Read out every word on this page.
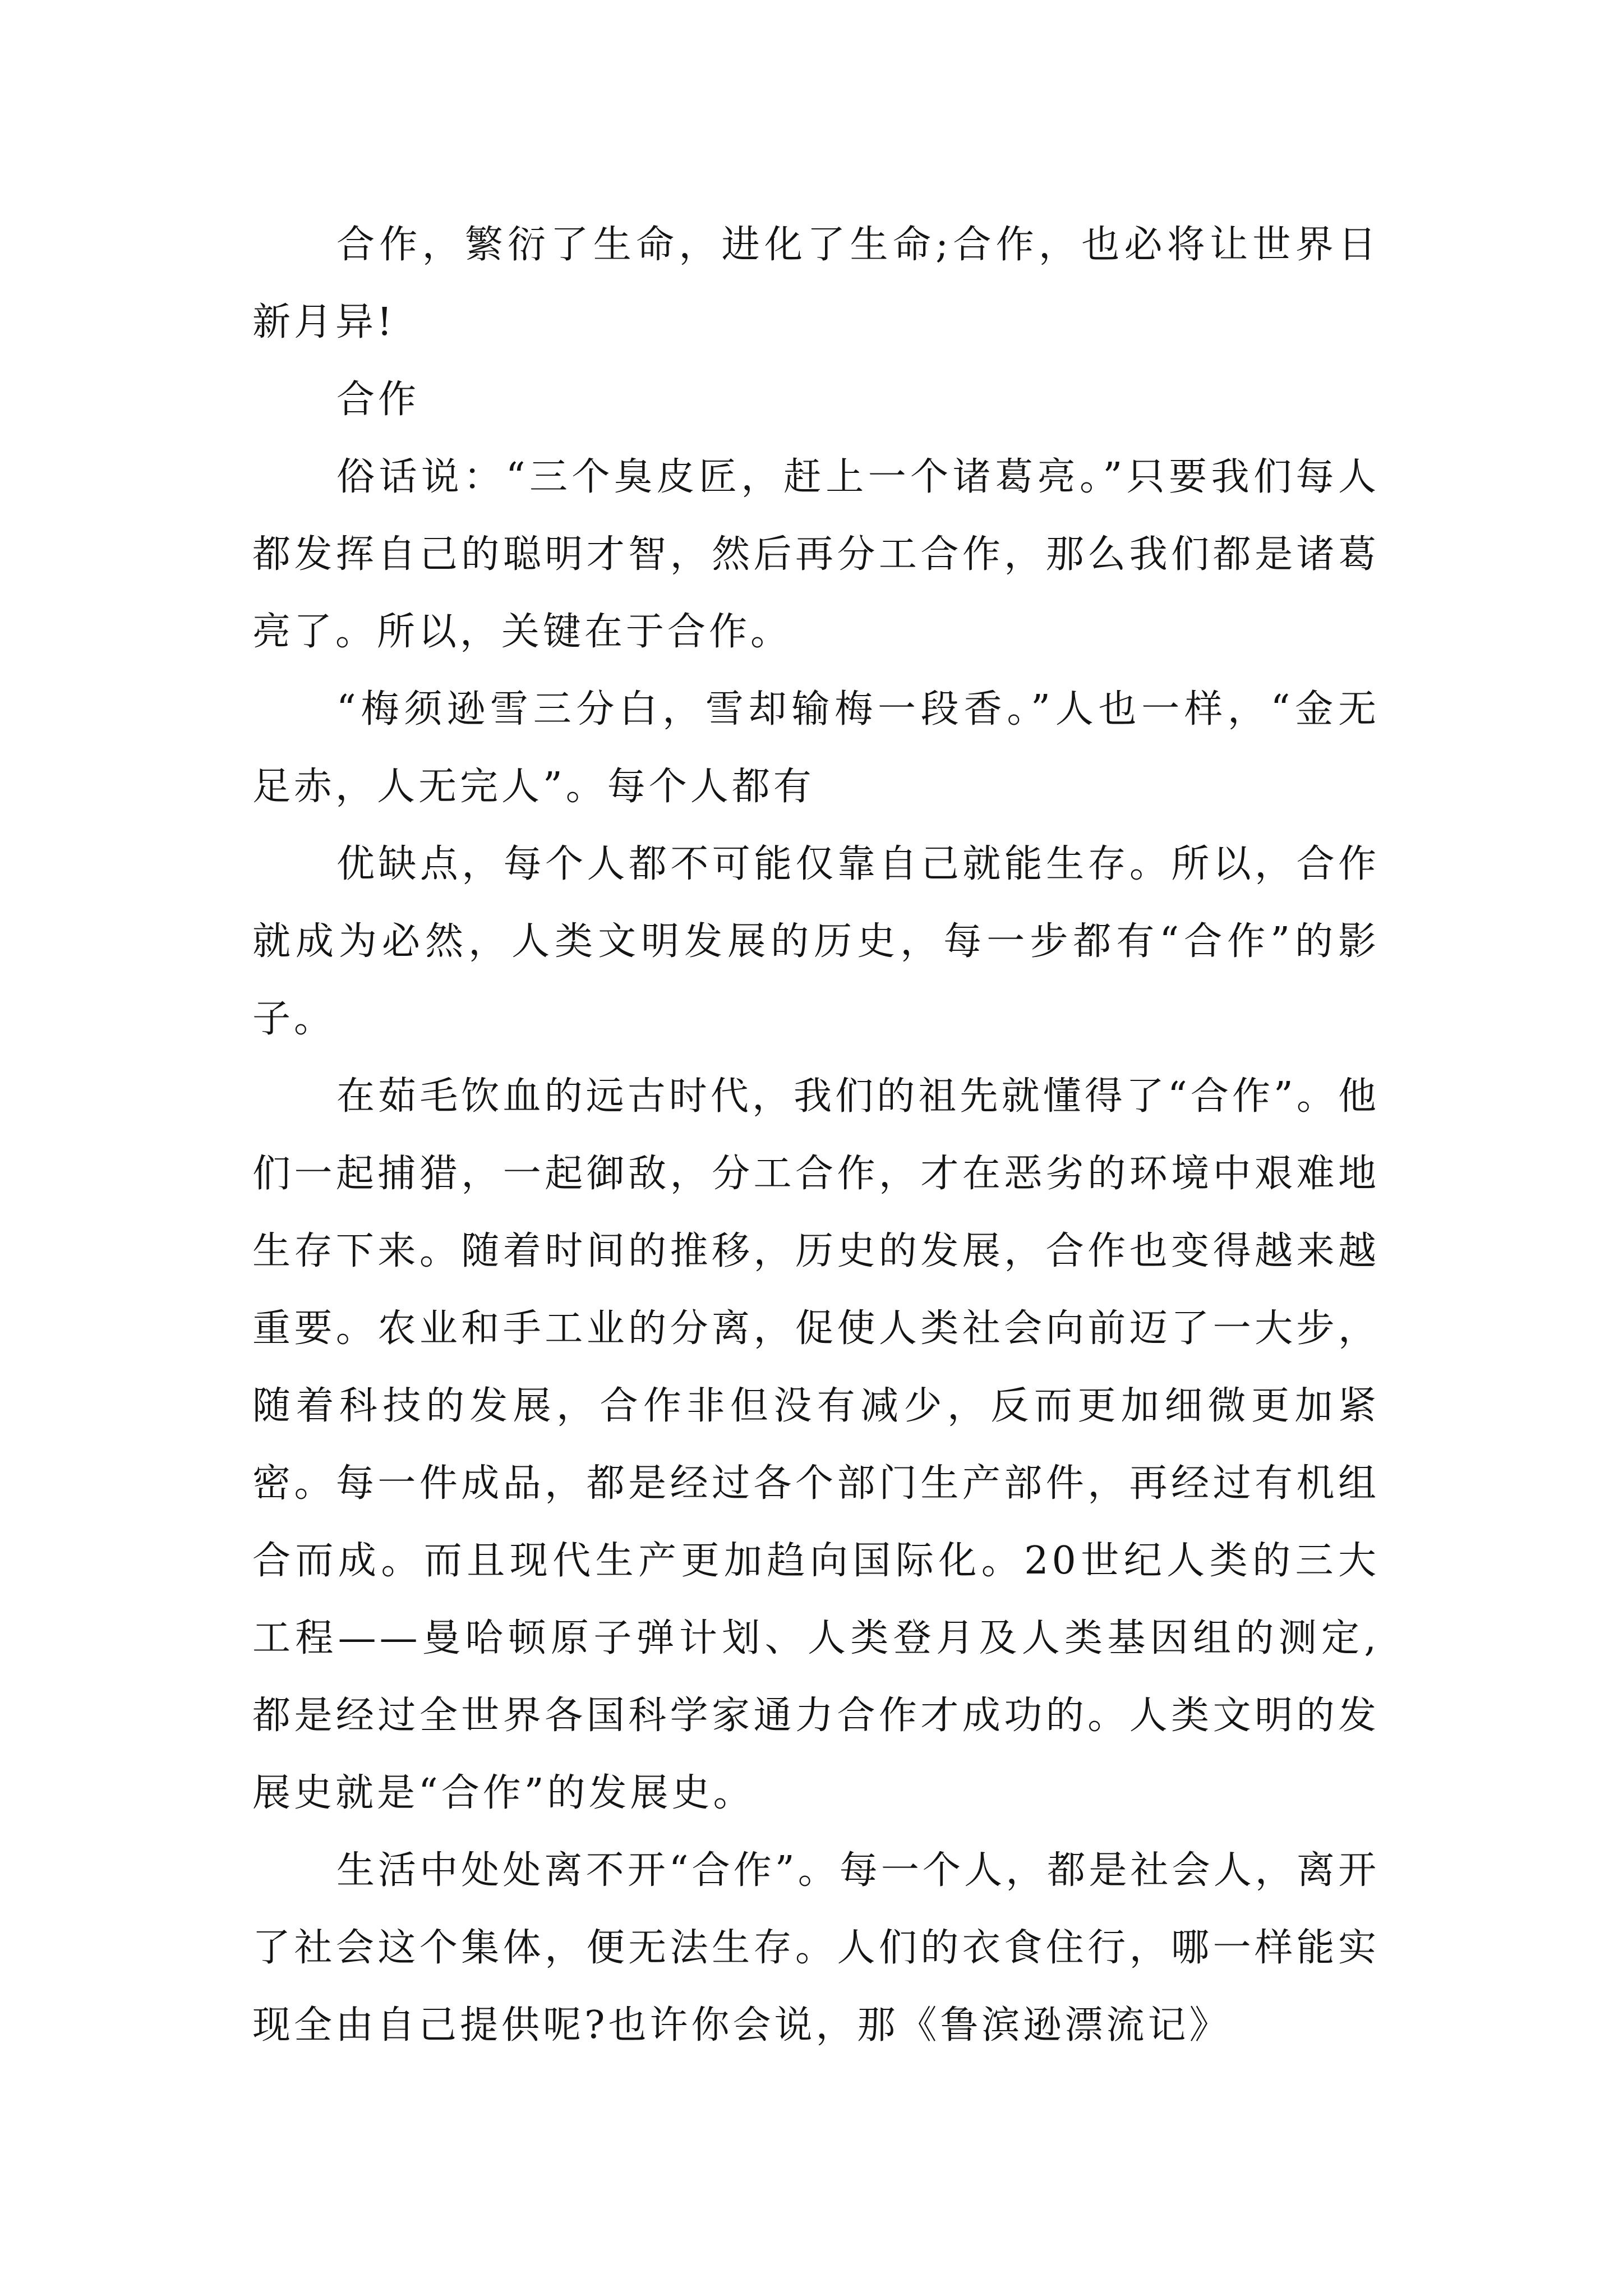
合作，繁衍了生命，进化了生命;合作，也必将让世界日新月异!

合作

俗话说：“三个臭皮匠，赶上一个诸葛亮。”只要我们每人都发挥自己的聪明才智，然后再分工合作，那么我们都是诸葛亮了。所以，关键在于合作。

“梅须逊雪三分白，雪却输梅一段香。”人也一样，“金无足赤，人无完人”。每个人都有

优缺点，每个人都不可能仅靠自己就能生存。所以，合作就成为必然，人类文明发展的历史，每一步都有“合作”的影子。

在茹毛饮血的远古时代，我们的祖先就懂得了“合作”。他们一起捕猎，一起御敌，分工合作，才在恶劣的环境中艰难地生存下来。随着时间的推移，历史的发展，合作也变得越来越重要。农业和手工业的分离，促使人类社会向前迈了一大步，随着科技的发展，合作非但没有减少，反而更加细微更加紧密。每一件成品，都是经过各个部门生产部件，再经过有机组合而成。而且现代生产更加趋向国际化。20世纪人类的三大工程——曼哈顿原子弹计划、人类登月及人类基因组的测定,都是经过全世界各国科学家通力合作才成功的。人类文明的发展史就是“合作”的发展史。

生活中处处离不开“合作”。每一个人，都是社会人，离开了社会这个集体，便无法生存。人们的衣食住行，哪一样能实现全由自己提供呢?也许你会说，那《鲁滨逊漂流记》
